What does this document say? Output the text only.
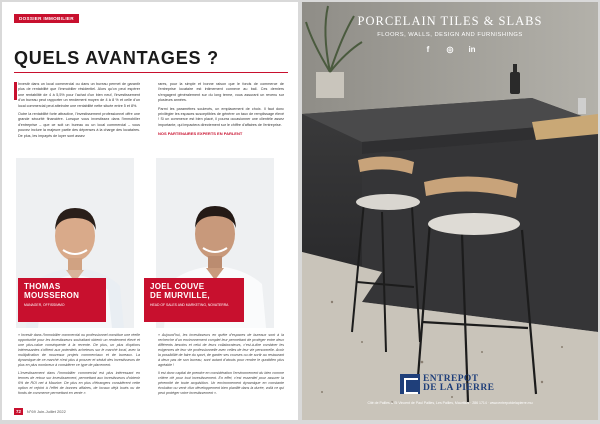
DOSSIER IMMOBILIER
QUELS AVANTAGES ?

Investir dans un local commercial ou dans un bureau permet de garantir plus de rentabilité que l'immobilier résidentiel. Alors qu'on peut espérer une rentabilité de 4 à 5,5% pour l'achat d'un bien neuf, l'investissement d'un bureau peut rapporter un rendement moyen de 4 à 8 % et celle d'un local commercial peut atteindre une rentabilité nette située entre 5 et 8%.

Outre la rentabilité forte attractive, l'investissement professionnel offre une grande sécurité financière. Lorsque vous investissez dans l'immobilier d'entreprise – que ce soit un bureau ou un local commercial – vous pouvez inclure la majeure partie des dépenses à la charge des locataires. De plus, les impayés de loyer sont assez

rares, pour la simple et bonne raison que le fonds de commerce de l'entreprise locataire est intimement connexe au bail. Ces derniers s'engagent généralement sur du long terme, vous assurant un revenu sur plusieurs années.

Parmi les paramètres soulevés, un emplacement de choix. Il faut donc privilégier les espaces susceptibles de générer un taux de remplissage élevé ! Si un commerce est bien placé, il pourra occasionner une clientèle assez importante, qui impactera directement sur le chiffre d'affaires de l'entreprise.

NOS PARTENAIRES EXPERTS EN PARLENT

THOMAS
MOUSSERON
MANAGER, OFFISSIMMO
JOEL COUVE
DE MURVILLE,
HEAD OF SALES AND MARKETING, NOVATERRA

« Investir dans l'immobilier commercial ou professionnel constitue une réelle opportunité pour les investisseurs souhaitant obtenir un rendement élevé et une plus-value conséquente à la revente. De plus, un plus d'options intéressantes s'offrent aux potentiels acheteurs sur le marché local, avec la multiplication de nouveaux projets commerciaux et de bureaux. La dynamique de ce marché n'est plus à prouver et séduit des investisseurs de plus en plus nombreux à considérer ce type de placement.

L'investissement dans l'immobilier commercial est plus intéressant en termes de retour sur investissement, permettant aux investisseurs d'obtenir 6% de ROI net à Maurice. De plus en plus d'étrangers considèrent cette option et rejoint à l'effet de bonnes affaires, de locaux déjà loués ou de fonds de commerce permettant en vente ».

« Aujourd'hui, les investisseurs en quête d'espaces de bureaux sont à la recherche d'un environnement complet leur permettant de protéger entre deux différents besoins et celui de leurs collaborateurs, c'est-à-dire combiner les exigences de leur vie professionnelle avec celles de leur vie personnelle. Avoir la possibilité de faire du sport, de garder ses courses ou de sortir au restaurant à deux pas de son bureau, sont autant d'atouts pour rendre le quotidien plus agréable !

Il est donc capital de prendre en considération l'environnement du bien comme critère clé pour tout investissement. En effet, c'est essentiel pour assurer la pérennité de toute acquisition. Un environnement dynamique en constante évolution ou venir d'un développement bien planifié dans la durée, voilà ce qui peut protéger votre investissement ».

72	N°69 Juin-Juillet 2022
PORCELAIN TILES & SLABS
FLOORS, WALLS, DESIGN AND FURNISHINGS
f	◎ in
ENTREPOT
DE LA PIERRE
Cité de Pailles & St Vincent de Paul Pailles, Les Pailles, Mauritius · 286 1714 · www.entrepotdelapierre.mu
